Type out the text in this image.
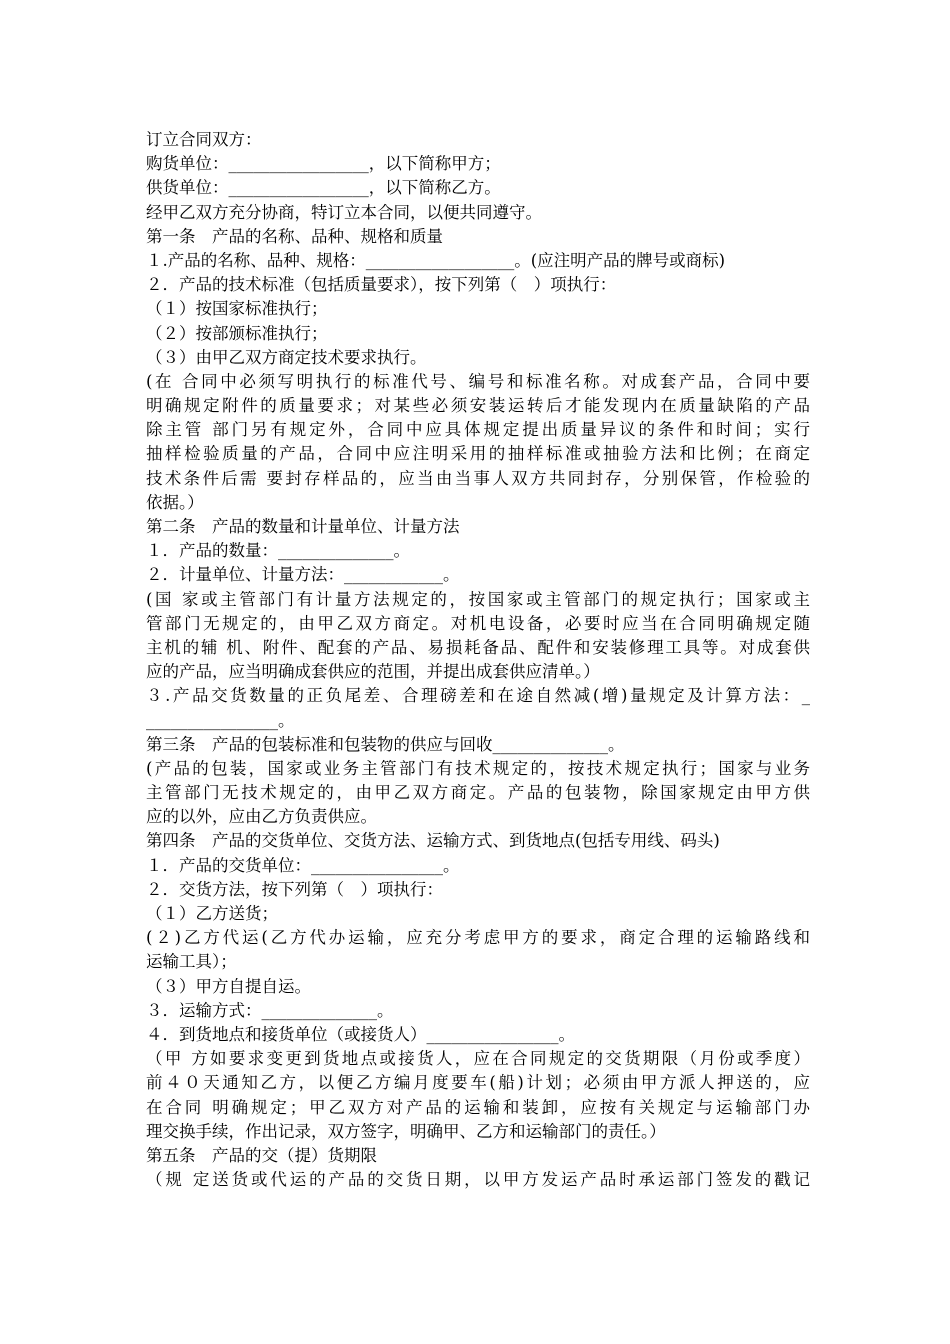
订立合同双方：
购货单位：_________________，以下简称甲方；
供货单位：_________________，以下简称乙方。
经甲乙双方充分协商，特订立本合同，以便共同遵守。
第一条　产品的名称、品种、规格和质量
１.产品的名称、品种、规格：__________________。(应注明产品的牌号或商标)
２．产品的技术标准（包括质量要求），按下列第（　）项执行：
（１）按国家标准执行；
（２）按部颁标准执行；
（３）由甲乙双方商定技术要求执行。
(在 合同中必须写明执行的标准代号、编号和标准名称。对成套产品，合同中要
明确规定附件的质量要求；对某些必须安装运转后才能发现内在质量缺陷的产品
除主管 部门另有规定外，合同中应具体规定提出质量异议的条件和时间；实行
抽样检验质量的产品，合同中应注明采用的抽样标准或抽验方法和比例；在商定
技术条件后需 要封存样品的，应当由当事人双方共同封存，分别保管，作检验的
依据。）
第二条　产品的数量和计量单位、计量方法
１．产品的数量：______________。
２．计量单位、计量方法：____________。
(国 家或主管部门有计量方法规定的，按国家或主管部门的规定执行；国家或主
管部门无规定的，由甲乙双方商定。对机电设备，必要时应当在合同明确规定随
主机的辅 机、附件、配套的产品、易损耗备品、配件和安装修理工具等。对成套供
应的产品，应当明确成套供应的范围，并提出成套供应清单。）
３.产品交货数量的正负尾差、合理磅差和在途自然减(增)量规定及计算方法：_
________________。
第三条　产品的包装标准和包装物的供应与回收______________。
(产品的包装，国家或业务主管部门有技术规定的，按技术规定执行；国家与业务
主管部门无技术规定的，由甲乙双方商定。产品的包装物，除国家规定由甲方供
应的以外，应由乙方负责供应。
第四条　产品的交货单位、交货方法、运输方式、到货地点(包括专用线、码头)
１．产品的交货单位：________________。
２．交货方法，按下列第（　）项执行：
（１）乙方送货；
(２)乙方代运(乙方代办运输，应充分考虑甲方的要求，商定合理的运输路线和
运输工具）；
（３）甲方自提自运。
３．运输方式：______________。
４．到货地点和接货单位（或接货人）________________。
（甲 方如要求变更到货地点或接货人，应在合同规定的交货期限（月份或季度）
前４０天通知乙方，以便乙方编月度要车(船)计划；必须由甲方派人押送的，应
在合同 明确规定；甲乙双方对产品的运输和装卸，应按有关规定与运输部门办
理交换手续，作出记录，双方签字，明确甲、乙方和运输部门的责任。）
第五条　产品的交（提）货期限
（规 定送货或代运的产品的交货日期，以甲方发运产品时承运部门签发的戳记
